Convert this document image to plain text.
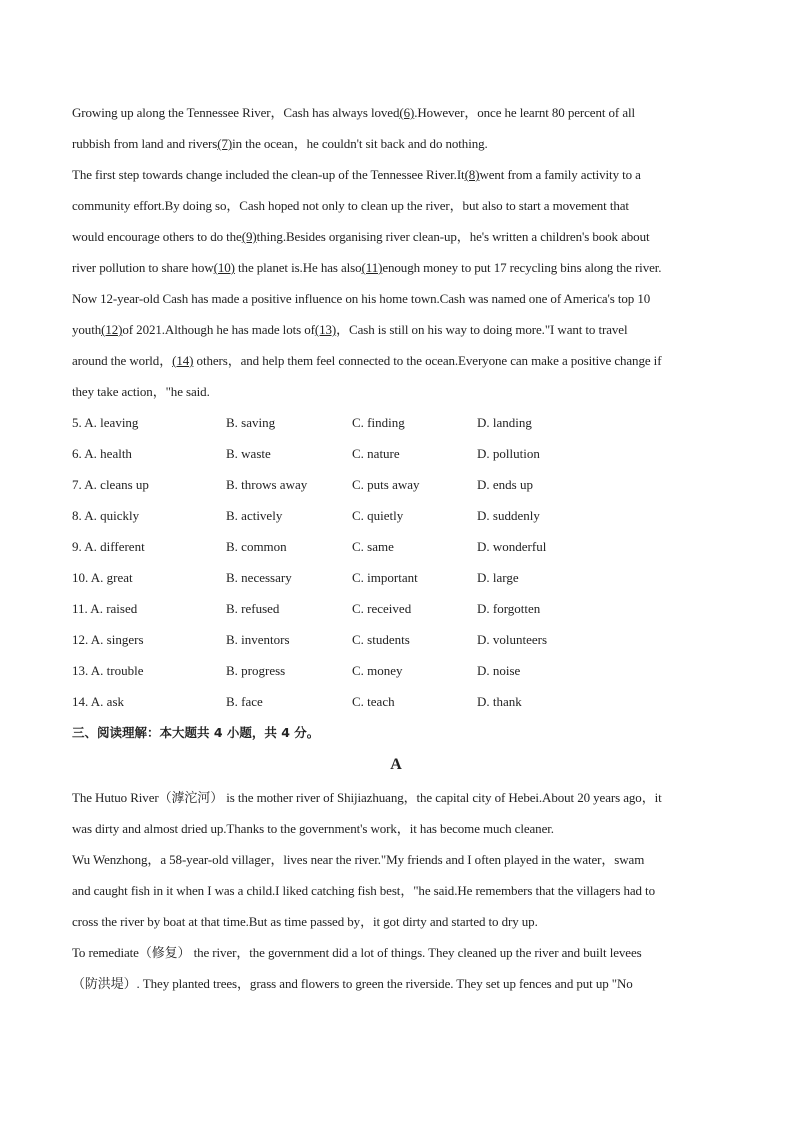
Growing up along the Tennessee River，Cash has always loved(6).However，once he learnt 80 percent of all
rubbish from land and rivers(7)in the ocean，he couldn't sit back and do nothing.
The first step towards change included the clean-up of the Tennessee River.It(8)went from a family activity to a
community effort.By doing so，Cash hoped not only to clean up the river，but also to start a movement that
would encourage others to do the(9)thing.Besides organising river clean-up，he's written a children's book about
river pollution to share how(10) the planet is.He has also(11)enough money to put 17 recycling bins along the river.
Now 12-year-old Cash has made a positive influence on his home town.Cash was named one of America's top 10
youth(12)of 2021.Although he has made lots of(13)，Cash is still on his way to doing more."I want to travel
around the world，(14) others，and help them feel connected to the ocean.Everyone can make a positive change if
they take action，"he said.
5. A. leaving	B. saving	C. finding	D. landing
6. A. health	B. waste	C. nature	D. pollution
7. A. cleans up	B. throws away	C. puts away	D. ends up
8. A. quickly	B. actively	C. quietly	D. suddenly
9. A. different	B. common	C. same	D. wonderful
10. A. great	B. necessary	C. important	D. large
11. A. raised	B. refused	C. received	D. forgotten
12. A. singers	B. inventors	C. students	D. volunteers
13. A. trouble	B. progress	C. money	D. noise
14. A. ask	B. face	C. teach	D. thank
三、阅读理解：本大题共 4 小题，共 4 分。
A
The Hutuo River（滹沱河） is the mother river of Shijiazhuang，the capital city of Hebei.About 20 years ago，it
was dirty and almost dried up.Thanks to the government's work，it has become much cleaner.
Wu Wenzhong，a 58-year-old villager，lives near the river."My friends and I often played in the water，swam
and caught fish in it when I was a child.I liked catching fish best，"he said.He remembers that the villagers had to
cross the river by boat at that time.But as time passed by，it got dirty and started to dry up.
To remediate（修复） the river，the government did a lot of things. They cleaned up the river and built levees
（防洪堤）. They planted trees，grass and flowers to green the riverside. They set up fences and put up "No
